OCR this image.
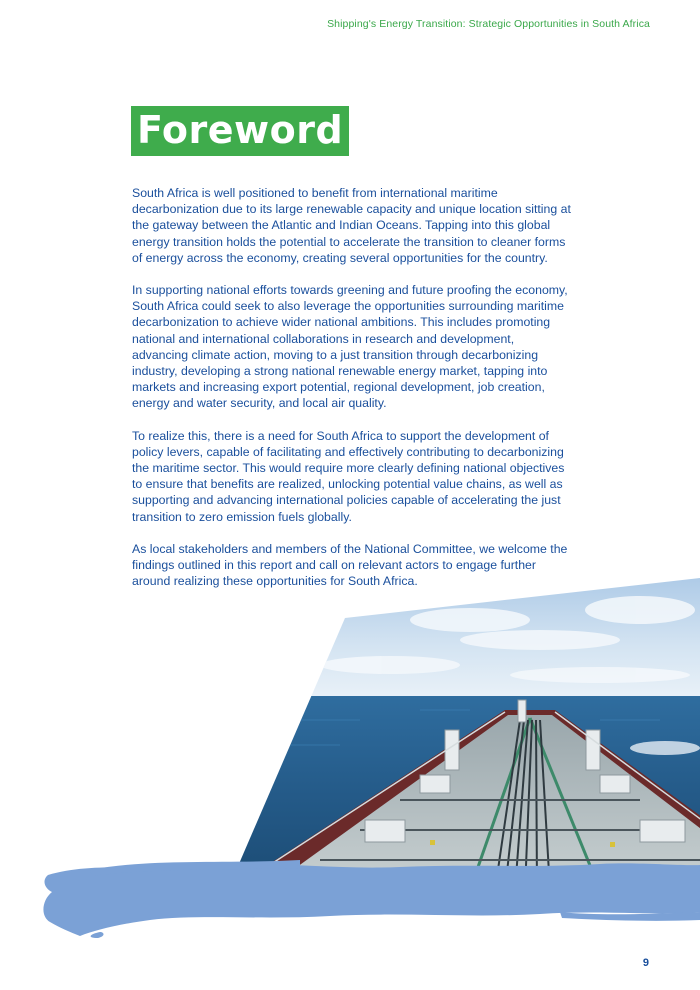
Shipping's Energy Transition: Strategic Opportunities in South Africa
Foreword

South Africa is well positioned to benefit from international maritime decarbonization due to its large renewable capacity and unique location sitting at the gateway between the Atlantic and Indian Oceans. Tapping into this global energy transition holds the potential to accelerate the transition to cleaner forms of energy across the economy, creating several opportunities for the country.

In supporting national efforts towards greening and future proofing the economy, South Africa could seek to also leverage the opportunities surrounding maritime decarbonization to achieve wider national ambitions. This includes promoting national and international collaborations in research and development, advancing climate action, moving to a just transition through decarbonizing industry, developing a strong national renewable energy market, tapping into markets and increasing export potential, regional development, job creation, energy and water security, and local air quality.

To realize this, there is a need for South Africa to support the development of policy levers, capable of facilitating and effectively contributing to decarbonizing the maritime sector. This would require more clearly defining national objectives to ensure that benefits are realized, unlocking potential value chains, as well as supporting and advancing international policies capable of accelerating the just transition to zero emission fuels globally.

As local stakeholders and members of the National Committee, we welcome the findings outlined in this report and call on relevant actors to engage further around realizing these opportunities for South Africa.

9
